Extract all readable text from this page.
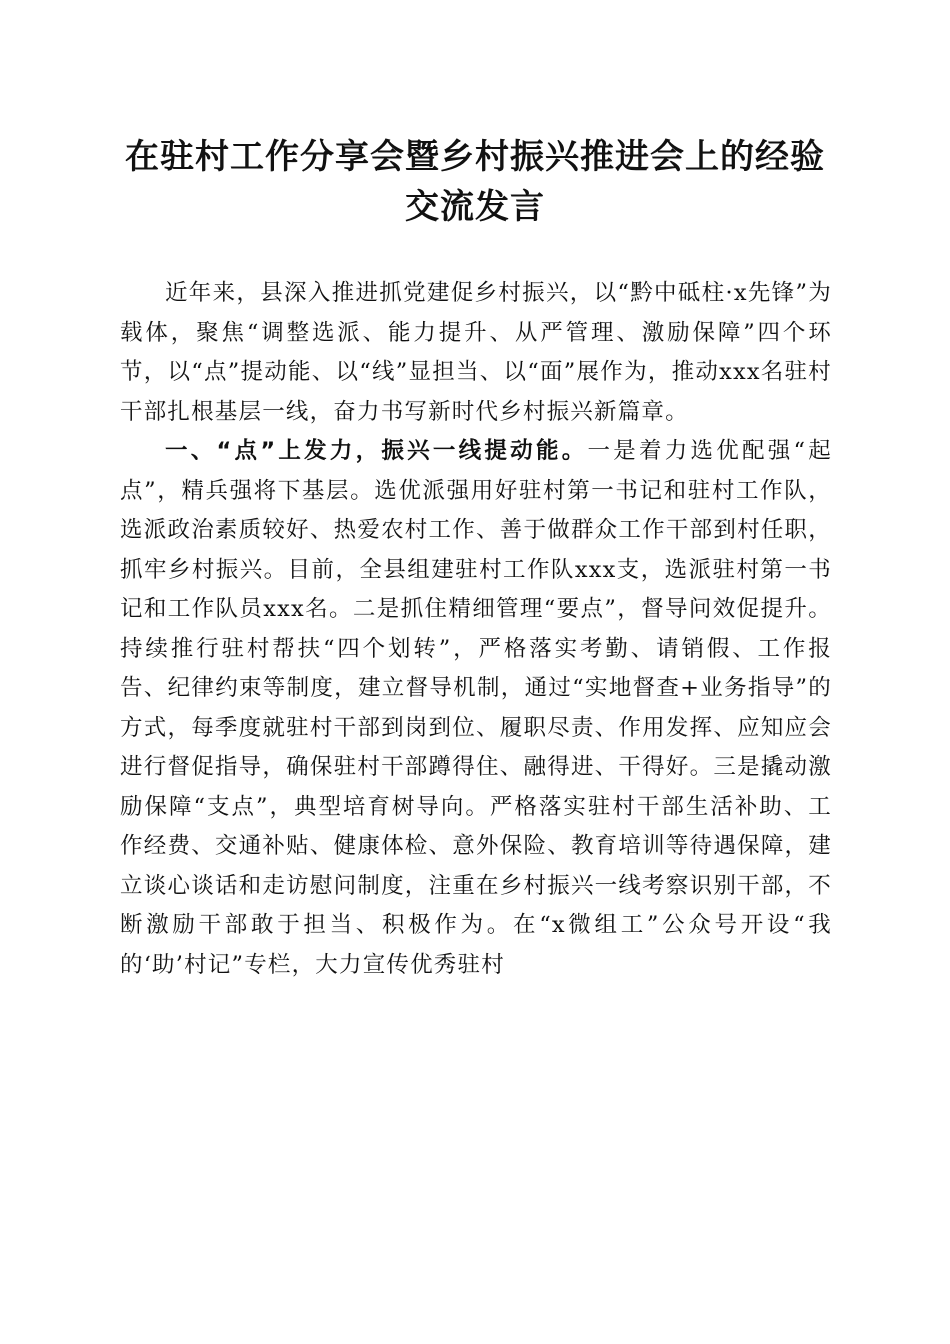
在驻村工作分享会暨乡村振兴推进会上的经验
交流发言

近年来，县深入推进抓党建促乡村振兴，以“黔中砥柱·x先锋”为载体，聚焦“调整选派、能力提升、从严管理、激励保障”四个环节，以“点”提动能、以“线”显担当、以“面”展作为，推动xxx名驻村干部扎根基层一线，奋力书写新时代乡村振兴新篇章。

一、“点”上发力，振兴一线提动能。一是着力选优配强“起点”，精兵强将下基层。选优派强用好驻村第一书记和驻村工作队，选派政治素质较好、热爱农村工作、善于做群众工作干部到村任职，抓牢乡村振兴。目前，全县组建驻村工作队xxx支，选派驻村第一书记和工作队员xxx名。二是抓住精细管理“要点”，督导问效促提升。持续推行驻村帮扶“四个划转”，严格落实考勤、请销假、工作报告、纪律约束等制度，建立督导机制，通过“实地督查+业务指导”的方式，每季度就驻村干部到岗到位、履职尽责、作用发挥、应知应会进行督促指导，确保驻村干部蹲得住、融得进、干得好。三是撬动激励保障“支点”，典型培育树导向。严格落实驻村干部生活补助、工作经费、交通补贴、健康体检、意外保险、教育培训等待遇保障，建立谈心谈话和走访慰问制度，注重在乡村振兴一线考察识别干部，不断激励干部敢于担当、积极作为。在“x微组工”公众号开设“我的‘助’村记”专栏，大力宣传优秀驻村
